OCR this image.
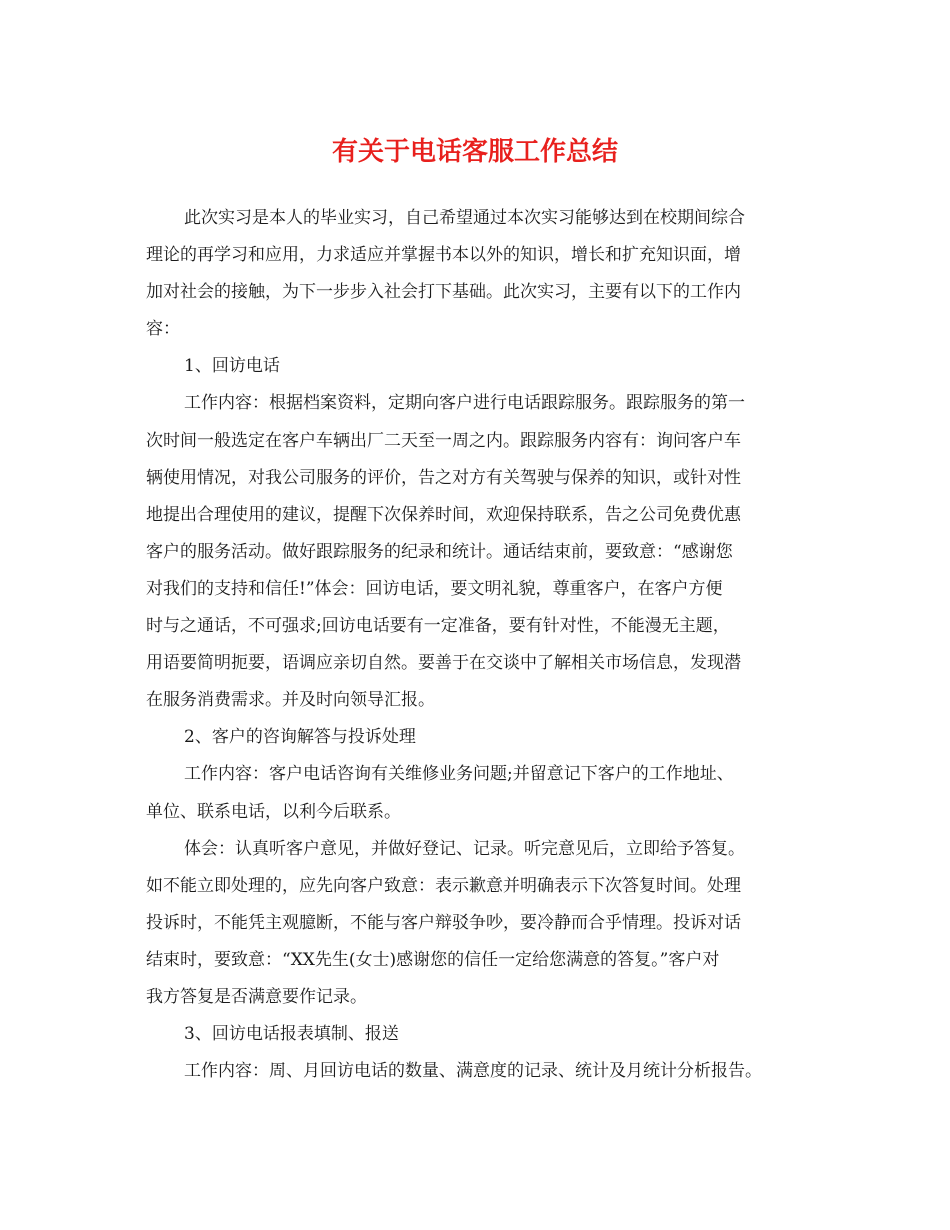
有关于电话客服工作总结
此次实习是本人的毕业实习，自己希望通过本次实习能够达到在校期间综合
理论的再学习和应用，力求适应并掌握书本以外的知识，增长和扩充知识面，增
加对社会的接触，为下一步步入社会打下基础。此次实习，主要有以下的工作内
容：
1、回访电话
工作内容：根据档案资料，定期向客户进行电话跟踪服务。跟踪服务的第一
次时间一般选定在客户车辆出厂二天至一周之内。跟踪服务内容有：询问客户车
辆使用情况，对我公司服务的评价，告之对方有关驾驶与保养的知识，或针对性
地提出合理使用的建议，提醒下次保养时间，欢迎保持联系，告之公司免费优惠
客户的服务活动。做好跟踪服务的纪录和统计。通话结束前，要致意：“感谢您
对我们的支持和信任!”体会：回访电话，要文明礼貌，尊重客户，在客户方便
时与之通话，不可强求;回访电话要有一定准备，要有针对性，不能漫无主题，
用语要简明扼要，语调应亲切自然。要善于在交谈中了解相关市场信息，发现潜
在服务消费需求。并及时向领导汇报。
2、客户的咨询解答与投诉处理
工作内容：客户电话咨询有关维修业务问题;并留意记下客户的工作地址、
单位、联系电话，以利今后联系。
体会：认真听客户意见，并做好登记、记录。听完意见后，立即给予答复。
如不能立即处理的，应先向客户致意：表示歉意并明确表示下次答复时间。处理
投诉时，不能凭主观臆断，不能与客户辩驳争吵，要冷静而合乎情理。投诉对话
结束时，要致意：“XX先生(女士)感谢您的信任一定给您满意的答复。”客户对
我方答复是否满意要作记录。
3、回访电话报表填制、报送
工作内容：周、月回访电话的数量、满意度的记录、统计及月统计分析报告。
